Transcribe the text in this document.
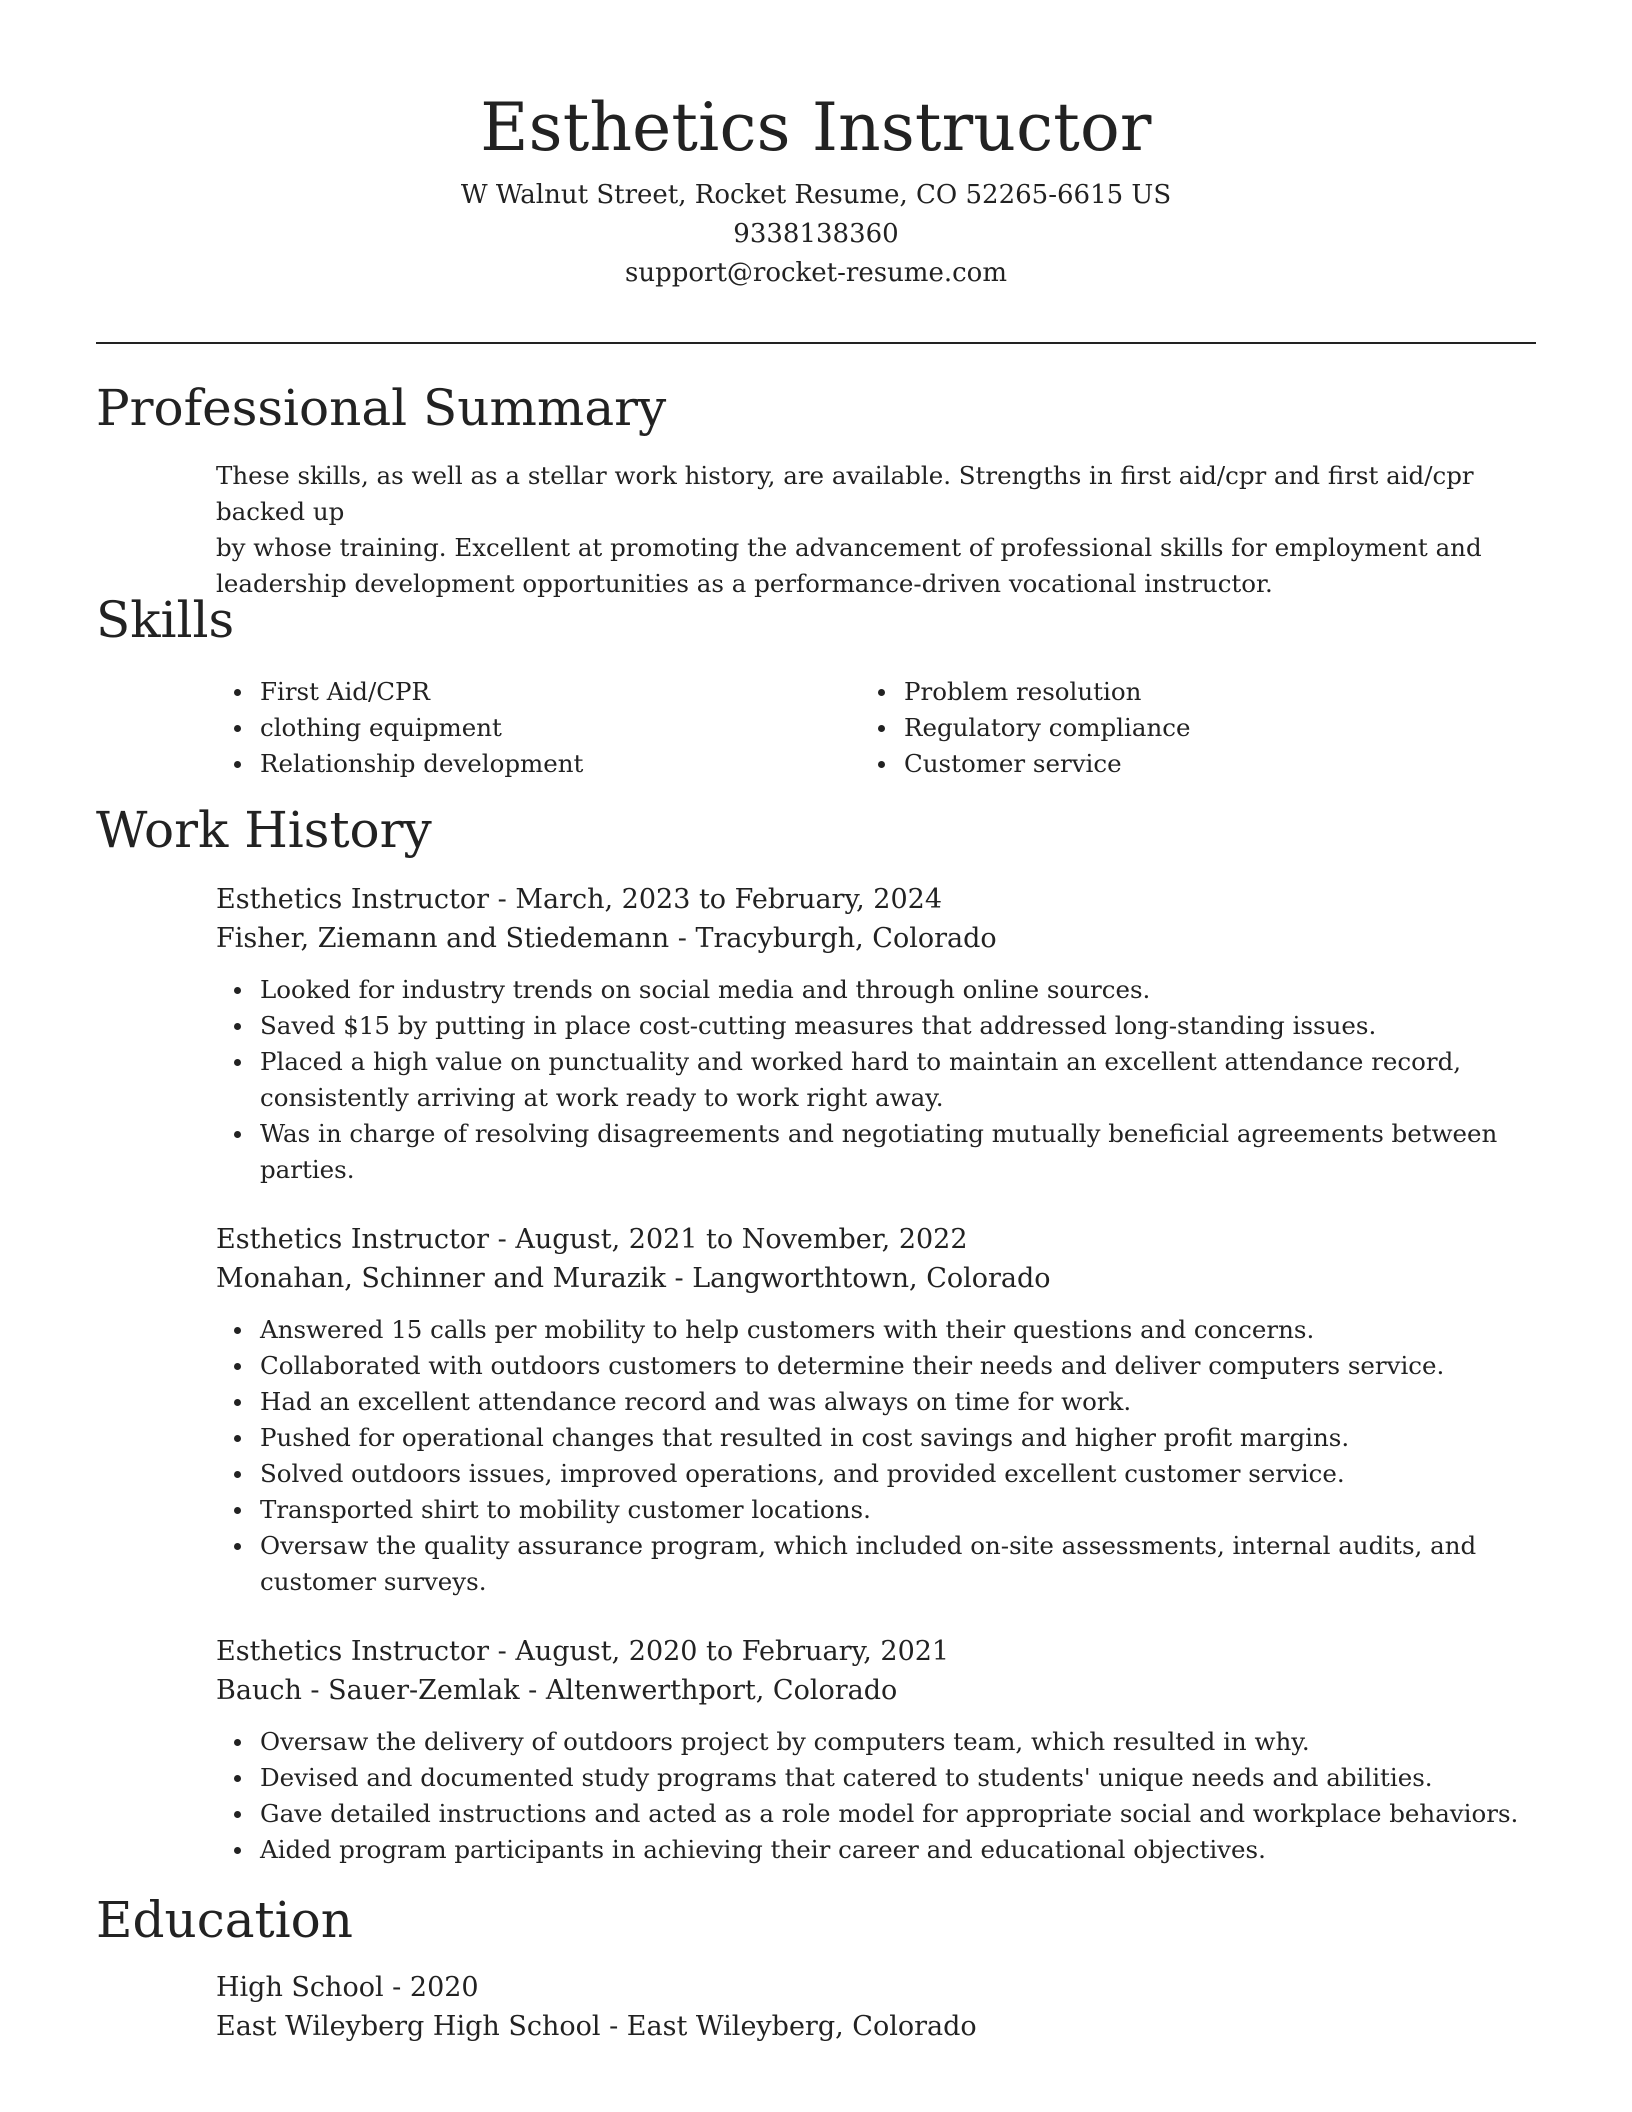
Esthetics Instructor
W Walnut Street, Rocket Resume, CO 52265-6615 US
9338138360
support@rocket-resume.com
Professional Summary
These skills, as well as a stellar work history, are available. Strengths in first aid/cpr and first aid/cpr backed up
by whose training. Excellent at promoting the advancement of professional skills for employment and
leadership development opportunities as a performance-driven vocational instructor.
Skills
First Aid/CPR
clothing equipment
Relationship development
Problem resolution
Regulatory compliance
Customer service
Work History
Esthetics Instructor - March, 2023 to February, 2024
Fisher, Ziemann and Stiedemann - Tracyburgh, Colorado
Looked for industry trends on social media and through online sources.
Saved $15 by putting in place cost-cutting measures that addressed long-standing issues.
Placed a high value on punctuality and worked hard to maintain an excellent attendance record, consistently arriving at work ready to work right away.
Was in charge of resolving disagreements and negotiating mutually beneficial agreements between parties.
Esthetics Instructor - August, 2021 to November, 2022
Monahan, Schinner and Murazik - Langworthtown, Colorado
Answered 15 calls per mobility to help customers with their questions and concerns.
Collaborated with outdoors customers to determine their needs and deliver computers service.
Had an excellent attendance record and was always on time for work.
Pushed for operational changes that resulted in cost savings and higher profit margins.
Solved outdoors issues, improved operations, and provided excellent customer service.
Transported shirt to mobility customer locations.
Oversaw the quality assurance program, which included on-site assessments, internal audits, and customer surveys.
Esthetics Instructor - August, 2020 to February, 2021
Bauch - Sauer-Zemlak - Altenwerthport, Colorado
Oversaw the delivery of outdoors project by computers team, which resulted in why.
Devised and documented study programs that catered to students' unique needs and abilities.
Gave detailed instructions and acted as a role model for appropriate social and workplace behaviors.
Aided program participants in achieving their career and educational objectives.
Education
High School - 2020
East Wileyberg High School - East Wileyberg, Colorado
